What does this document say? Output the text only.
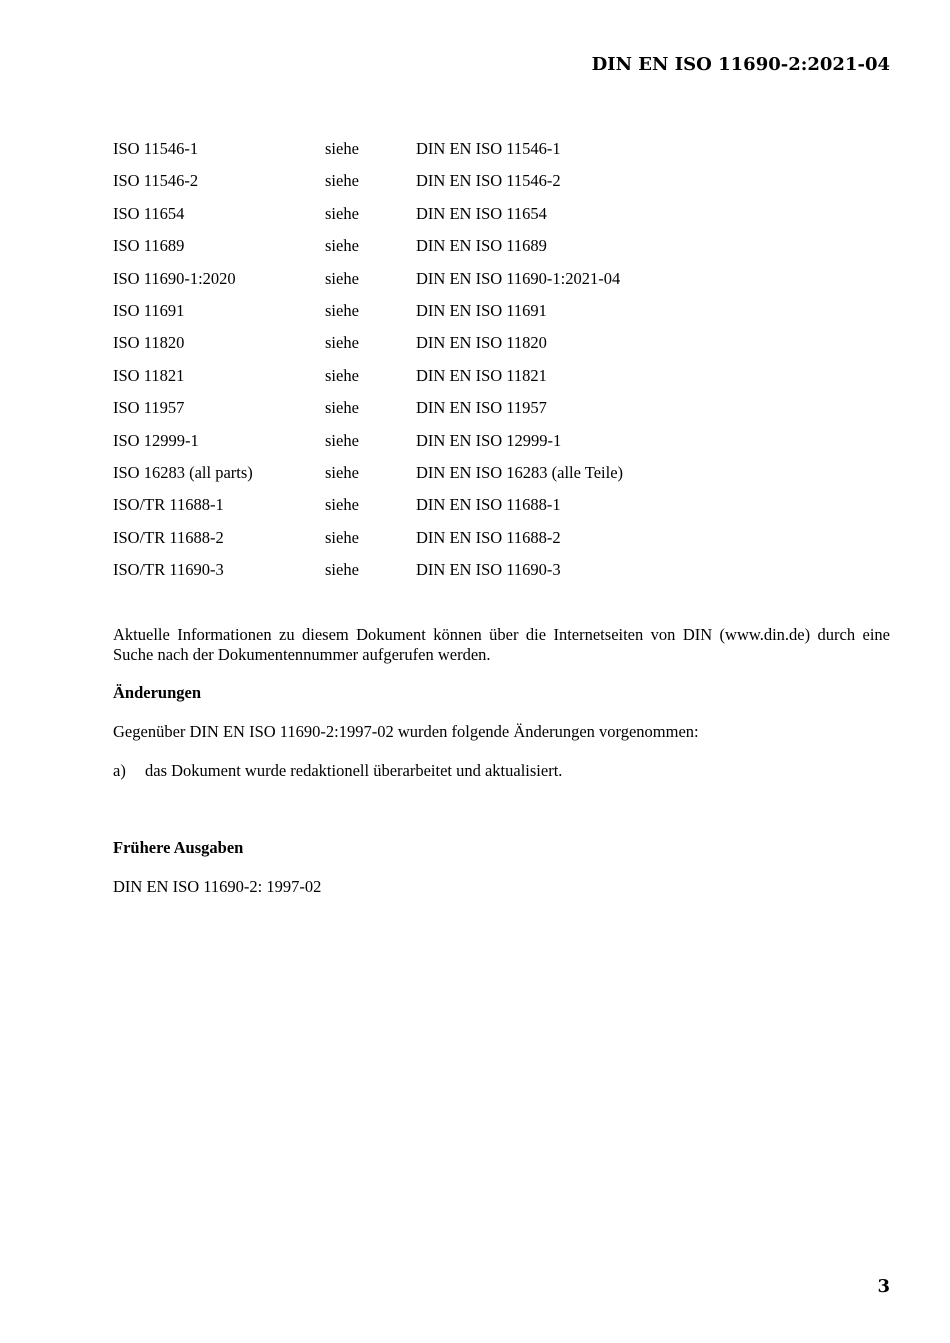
DIN EN ISO 11690-2:2021-04
ISO 11546-1	siehe	DIN EN ISO 11546-1
ISO 11546-2	siehe	DIN EN ISO 11546-2
ISO 11654	siehe	DIN EN ISO 11654
ISO 11689	siehe	DIN EN ISO 11689
ISO 11690-1:2020	siehe	DIN EN ISO 11690-1:2021-04
ISO 11691	siehe	DIN EN ISO 11691
ISO 11820	siehe	DIN EN ISO 11820
ISO 11821	siehe	DIN EN ISO 11821
ISO 11957	siehe	DIN EN ISO 11957
ISO 12999-1	siehe	DIN EN ISO 12999-1
ISO 16283 (all parts)	siehe	DIN EN ISO 16283 (alle Teile)
ISO/TR 11688-1	siehe	DIN EN ISO 11688-1
ISO/TR 11688-2	siehe	DIN EN ISO 11688-2
ISO/TR 11690-3	siehe	DIN EN ISO 11690-3

Aktuelle Informationen zu diesem Dokument können über die Internetseiten von DIN (www.din.de) durch eine Suche nach der Dokumentennummer aufgerufen werden.

Änderungen

Gegenüber DIN EN ISO 11690-2:1997-02 wurden folgende Änderungen vorgenommen:

a) das Dokument wurde redaktionell überarbeitet und aktualisiert.
Frühere Ausgaben

DIN EN ISO 11690-2: 1997-02

3
